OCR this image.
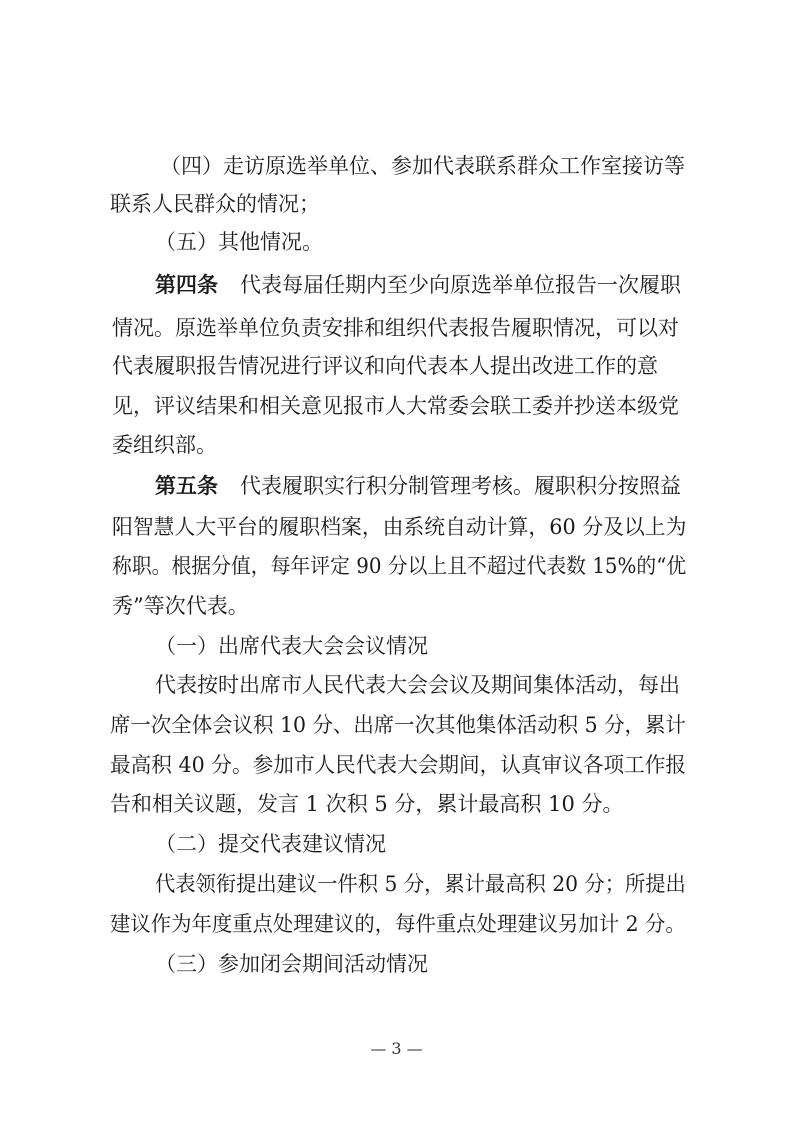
（四）走访原选举单位、参加代表联系群众工作室接访等
联系人民群众的情况；
（五）其他情况。
第四条 代表每届任期内至少向原选举单位报告一次履职
情况。原选举单位负责安排和组织代表报告履职情况，可以对
代表履职报告情况进行评议和向代表本人提出改进工作的意
见，评议结果和相关意见报市人大常委会联工委并抄送本级党
委组织部。
第五条 代表履职实行积分制管理考核。履职积分按照益
阳智慧人大平台的履职档案，由系统自动计算，60 分及以上为
称职。根据分值，每年评定 90 分以上且不超过代表数 15%的“优
秀”等次代表。
（一）出席代表大会会议情况
代表按时出席市人民代表大会会议及期间集体活动，每出
席一次全体会议积 10 分、出席一次其他集体活动积 5 分，累计
最高积 40 分。参加市人民代表大会期间，认真审议各项工作报
告和相关议题，发言 1 次积 5 分，累计最高积 10 分。
（二）提交代表建议情况
代表领衔提出建议一件积 5 分，累计最高积 20 分；所提出
建议作为年度重点处理建议的，每件重点处理建议另加计 2 分。
（三）参加闭会期间活动情况
— 3 —
